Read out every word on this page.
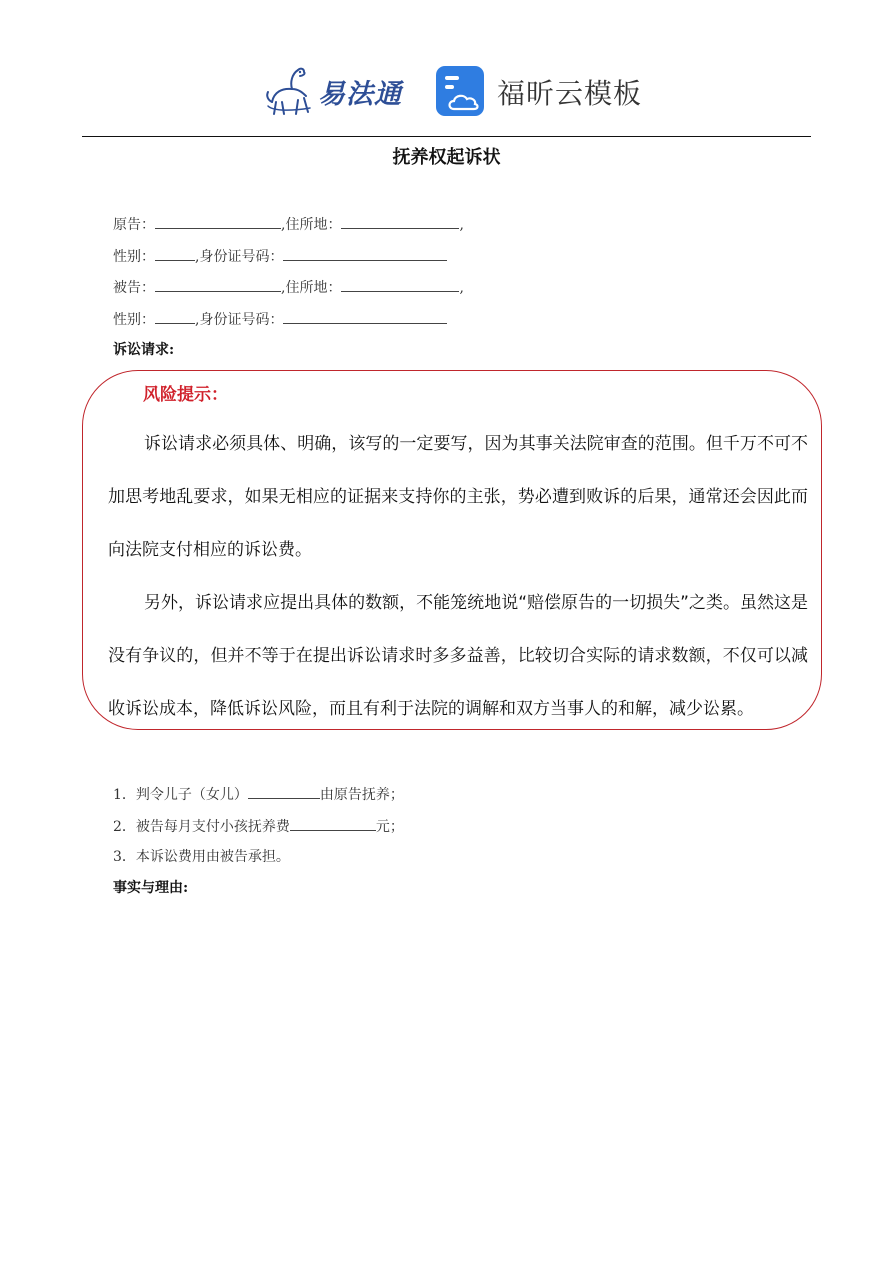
易法通	福昕云模板
抚养权起诉状
原告：	,住所地：	,
性别：	,身份证号码：
被告：	,住所地：	,
性别：	,身份证号码：
诉讼请求:
风险提示：
诉讼请求必须具体、明确，该写的一定要写，因为其事关法院审查的范围。但千万不可不加思考地乱要求，如果无相应的证据来支持你的主张，势必遭到败诉的后果，通常还会因此而向法院支付相应的诉讼费。
另外，诉讼请求应提出具体的数额，不能笼统地说“赔偿原告的一切损失”之类。虽然这是没有争议的，但并不等于在提出诉讼请求时多多益善，比较切合实际的请求数额，不仅可以减收诉讼成本，降低诉讼风险，而且有利于法院的调解和双方当事人的和解，减少讼累。
1．判令儿子（女儿）	由原告抚养；
2．被告每月支付小孩抚养费	元；
3．本诉讼费用由被告承担。
事实与理由:
